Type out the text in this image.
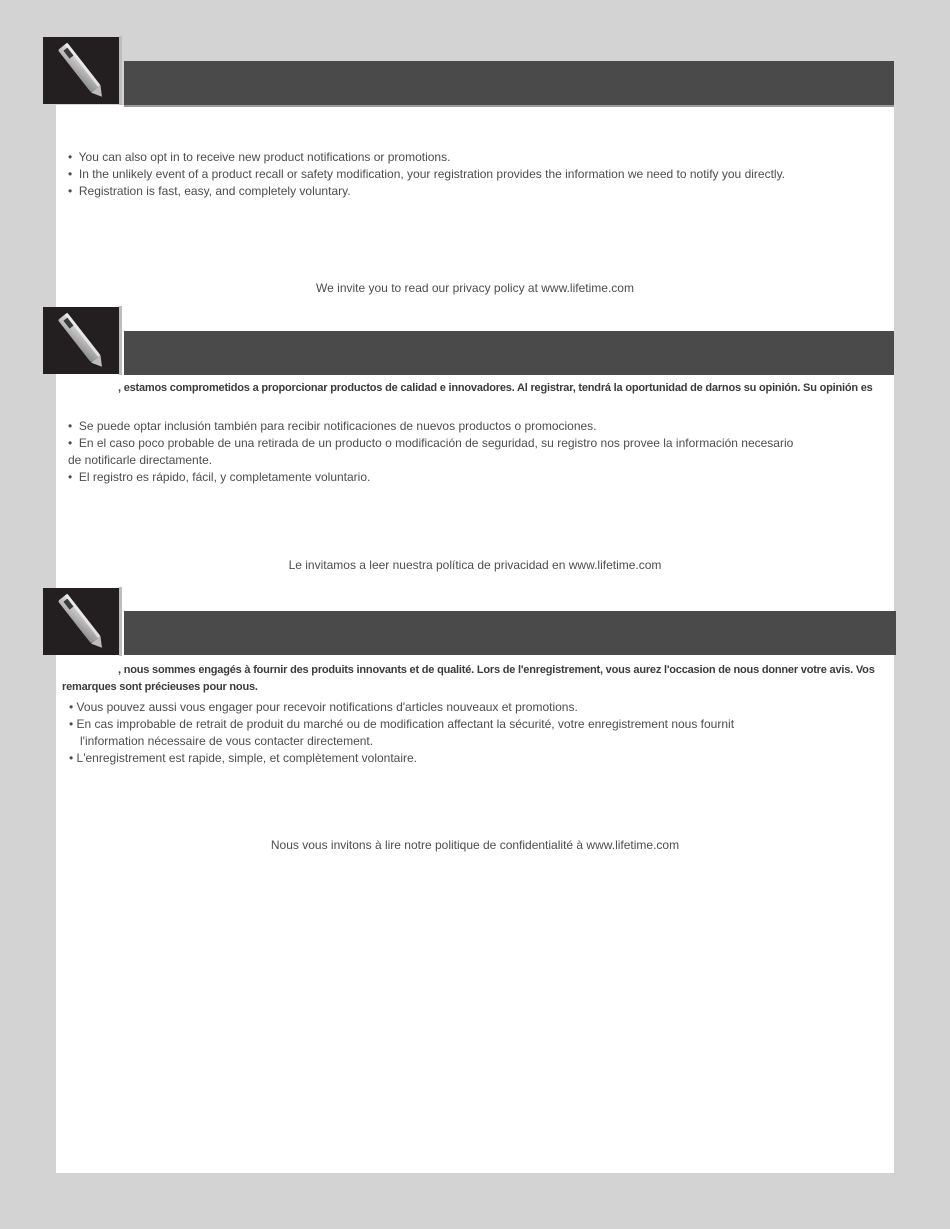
• You can also opt in to receive new product notifications or promotions.
• In the unlikely event of a product recall or safety modification, your registration provides the information we need to notify you directly.
• Registration is fast, easy, and completely voluntary.
We invite you to read our privacy policy at www.lifetime.com
, estamos comprometidos a proporcionar productos de calidad e innovadores. Al registrar, tendrá la oportunidad de darnos su opinión. Su opinión es
• Se puede optar inclusión también para recibir notificaciones de nuevos productos o promociones.
• En el caso poco probable de una retirada de un producto o modificación de seguridad, su registro nos provee la información necesario
de notificarle directamente.
• El registro es rápido, fácil, y completamente voluntario.
Le invitamos a leer nuestra política de privacidad en www.lifetime.com
, nous sommes engagés à fournir des produits innovants et de qualité. Lors de l'enregistrement, vous aurez l'occasion de nous donner votre avis. Vos
remarques sont précieuses pour nous.
• Vous pouvez aussi vous engager pour recevoir notifications d'articles nouveaux et promotions.
• En cas improbable de retrait de produit du marché ou de modification affectant la sécurité, votre enregistrement nous fournit
l'information nécessaire de vous contacter directement.
• L'enregistrement est rapide, simple, et complètement volontaire.
Nous vous invitons à lire notre politique de confidentialité à www.lifetime.com
